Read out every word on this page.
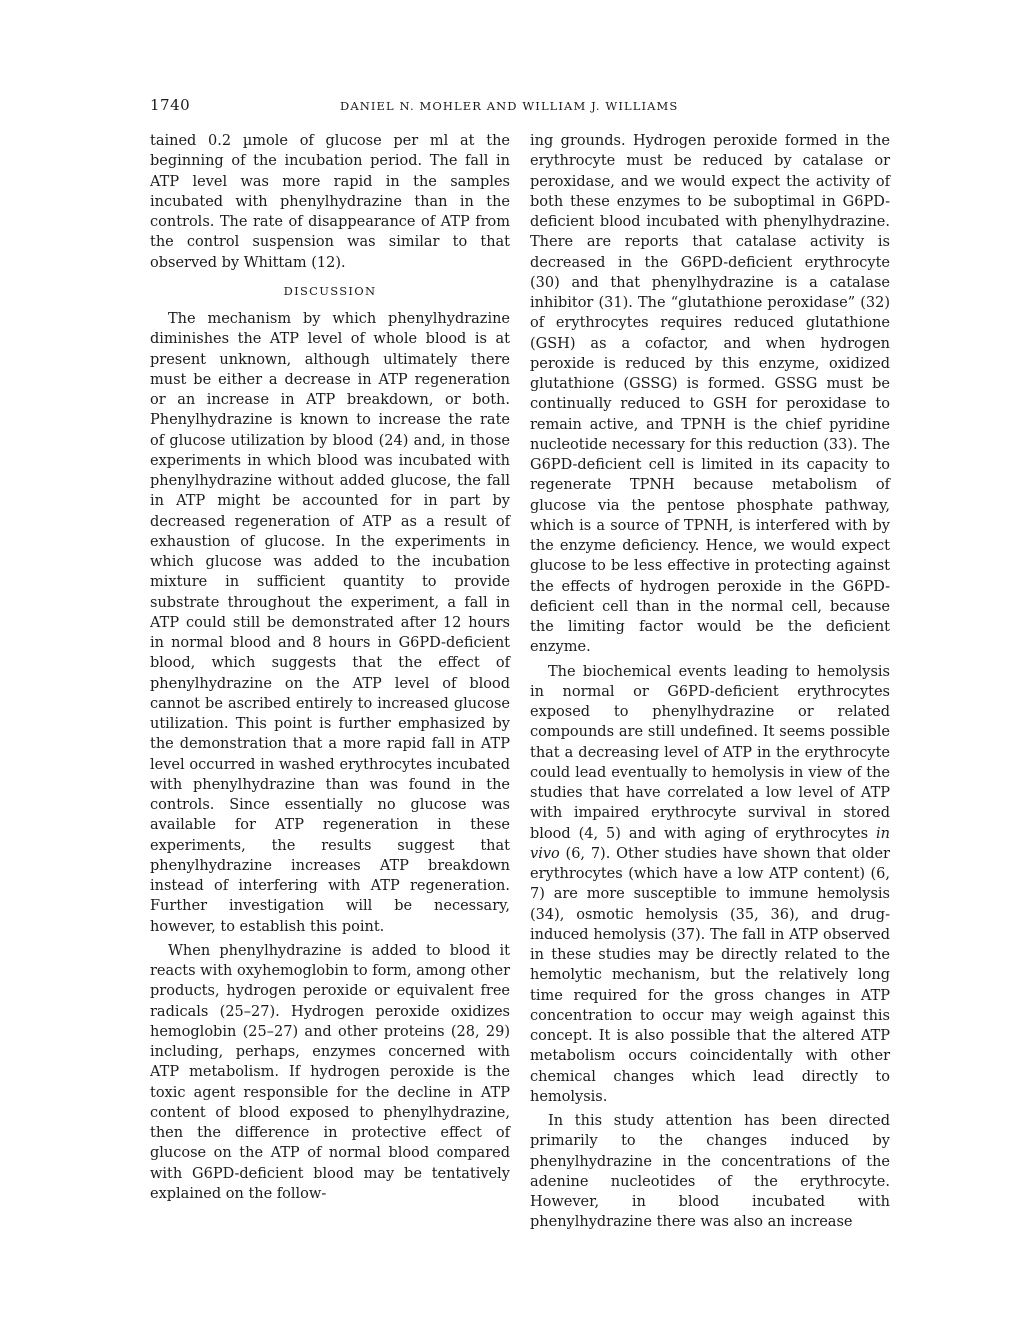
1740	DANIEL N. MOHLER AND WILLIAM J. WILLIAMS

tained 0.2 µmole of glucose per ml at the beginning of the incubation period. The fall in ATP level was more rapid in the samples incubated with phenylhydrazine than in the controls. The rate of disappearance of ATP from the control suspension was similar to that observed by Whittam (12).

DISCUSSION

The mechanism by which phenylhydrazine diminishes the ATP level of whole blood is at present unknown, although ultimately there must be either a decrease in ATP regeneration or an increase in ATP breakdown, or both. Phenylhydrazine is known to increase the rate of glucose utilization by blood (24) and, in those experiments in which blood was incubated with phenylhydrazine without added glucose, the fall in ATP might be accounted for in part by decreased regeneration of ATP as a result of exhaustion of glucose. In the experiments in which glucose was added to the incubation mixture in sufficient quantity to provide substrate throughout the experiment, a fall in ATP could still be demonstrated after 12 hours in normal blood and 8 hours in G6PD-deficient blood, which suggests that the effect of phenylhydrazine on the ATP level of blood cannot be ascribed entirely to increased glucose utilization. This point is further emphasized by the demonstration that a more rapid fall in ATP level occurred in washed erythrocytes incubated with phenylhydrazine than was found in the controls. Since essentially no glucose was available for ATP regeneration in these experiments, the results suggest that phenylhydrazine increases ATP breakdown instead of interfering with ATP regeneration. Further investigation will be necessary, however, to establish this point.

When phenylhydrazine is added to blood it reacts with oxyhemoglobin to form, among other products, hydrogen peroxide or equivalent free radicals (25–27). Hydrogen peroxide oxidizes hemoglobin (25–27) and other proteins (28, 29) including, perhaps, enzymes concerned with ATP metabolism. If hydrogen peroxide is the toxic agent responsible for the decline in ATP content of blood exposed to phenylhydrazine, then the difference in protective effect of glucose on the ATP of normal blood compared with G6PD-deficient blood may be tentatively explained on the follow-

ing grounds. Hydrogen peroxide formed in the erythrocyte must be reduced by catalase or peroxidase, and we would expect the activity of both these enzymes to be suboptimal in G6PD-deficient blood incubated with phenylhydrazine. There are reports that catalase activity is decreased in the G6PD-deficient erythrocyte (30) and that phenylhydrazine is a catalase inhibitor (31). The “glutathione peroxidase” (32) of erythrocytes requires reduced glutathione (GSH) as a cofactor, and when hydrogen peroxide is reduced by this enzyme, oxidized glutathione (GSSG) is formed. GSSG must be continually reduced to GSH for peroxidase to remain active, and TPNH is the chief pyridine nucleotide necessary for this reduction (33). The G6PD-deficient cell is limited in its capacity to regenerate TPNH because metabolism of glucose via the pentose phosphate pathway, which is a source of TPNH, is interfered with by the enzyme deficiency. Hence, we would expect glucose to be less effective in protecting against the effects of hydrogen peroxide in the G6PD-deficient cell than in the normal cell, because the limiting factor would be the deficient enzyme.

The biochemical events leading to hemolysis in normal or G6PD-deficient erythrocytes exposed to phenylhydrazine or related compounds are still undefined. It seems possible that a decreasing level of ATP in the erythrocyte could lead eventually to hemolysis in view of the studies that have correlated a low level of ATP with impaired erythrocyte survival in stored blood (4, 5) and with aging of erythrocytes in vivo (6, 7). Other studies have shown that older erythrocytes (which have a low ATP content) (6, 7) are more susceptible to immune hemolysis (34), osmotic hemolysis (35, 36), and drug-induced hemolysis (37). The fall in ATP observed in these studies may be directly related to the hemolytic mechanism, but the relatively long time required for the gross changes in ATP concentration to occur may weigh against this concept. It is also possible that the altered ATP metabolism occurs coincidentally with other chemical changes which lead directly to hemolysis.

In this study attention has been directed primarily to the changes induced by phenylhydrazine in the concentrations of the adenine nucleotides of the erythrocyte. However, in blood incubated with phenylhydrazine there was also an increase
